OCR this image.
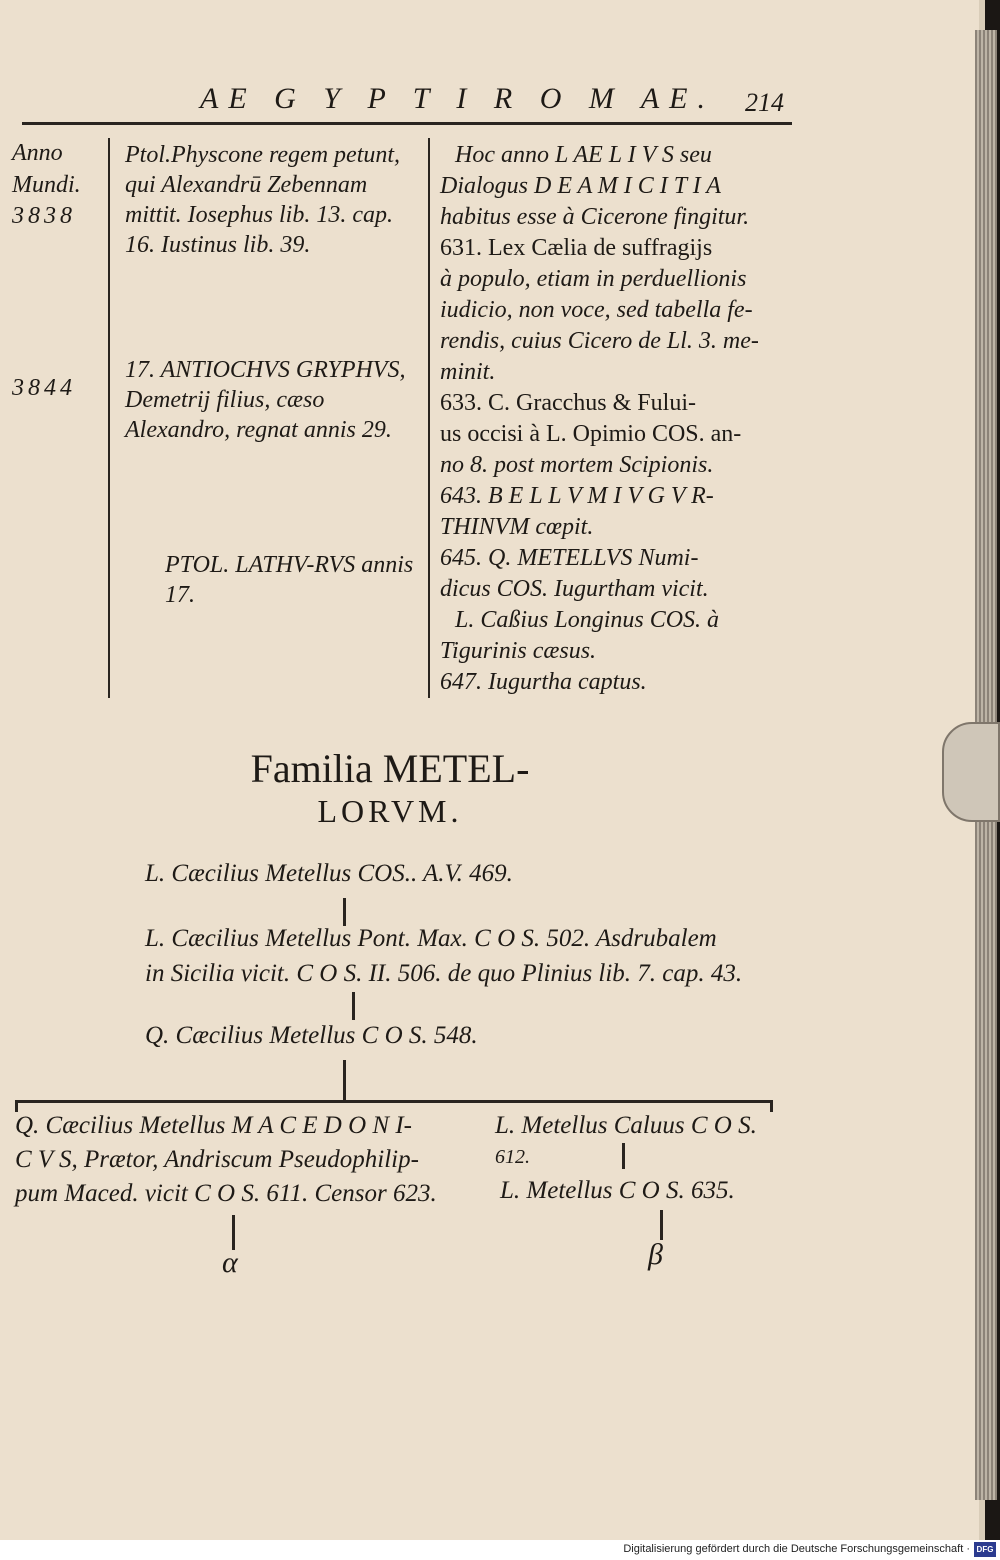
AE G Y P T I R O M AE. 214
Anno
Mundi.
3838
3844
Ptol.Physcone regem petunt, qui Alexandrū Zebennam mittit. Iosephus lib. 13. cap. 16. Iustinus lib. 39.
17. ANTIOCHVS GRYPHVS, Demetrij filius, cæso Alexandro, regnat annis 29.
PTOL. LATHV-RVS annis 17.

Hoc anno L AE L I V S seu

Dialogus D E A M I C I T I A

habitus esse à Cicerone fingitur.

631. Lex Cælia de suffragijs

à populo, etiam in perduellionis

iudicio, non voce, sed tabella fe-

rendis, cuius Cicero de Ll. 3. me-

minit.

633. C. Gracchus & Fului-

us occisi à L. Opimio COS. an-

no 8. post mortem Scipionis.

643. B E L L V M I V G V R-

THINVM cœpit.

645. Q. METELLVS Numi-

dicus COS. Iugurtham vicit.

L. Caßius Longinus COS. à

Tigurinis cæsus.

647. Iugurtha captus.

Familia METEL-
LORVM.
L. Cæcilius Metellus COS.. A.V. 469.
L. Cæcilius Metellus Pont. Max. C O S. 502. Asdrubalem
in Sicilia vicit. C O S. II. 506. de quo Plinius lib. 7. cap. 43.
Q. Cæcilius Metellus C O S. 548.
Q. Cæcilius Metellus M A C E D O N I-
C V S, Prætor, Andriscum Pseudophilip-
pum Maced. vicit C O S. 611. Censor 623.
L. Metellus Caluus C O S.
612.
L. Metellus C O S. 635.
α	β
Digitalisierung gefördert durch die Deutsche Forschungsgemeinschaft · DFG
